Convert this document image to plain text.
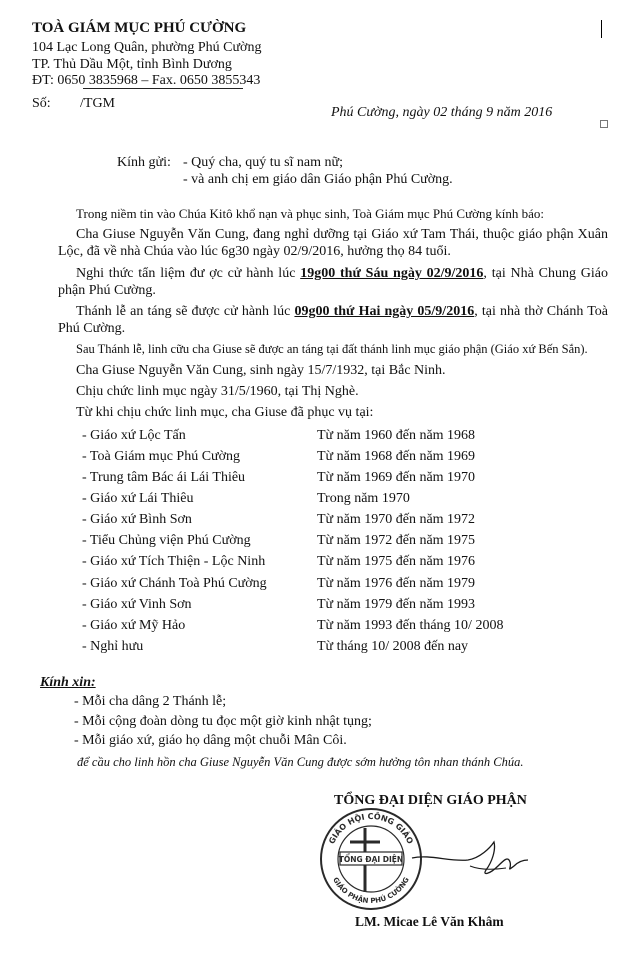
TOÀ GIÁM MỤC PHÚ CƯỜNG
104 Lạc Long Quân, phường Phú Cường
TP. Thủ Dầu Một, tỉnh Bình Dương
ĐT: 0650 3835968 – Fax. 0650 3855343
Số: /TGM
Phú Cường, ngày 02 tháng 9 năm 2016
Kính gửi: - Quý cha, quý tu sĩ nam nữ;
- và anh chị em giáo dân Giáo phận Phú Cường.
Trong niềm tin vào Chúa Kitô khổ nạn và phục sinh, Toà Giám mục Phú Cường kính báo:
Cha Giuse Nguyễn Văn Cung, đang nghỉ dưỡng tại Giáo xứ Tam Thái, thuộc giáo phận Xuân Lộc, đã về nhà Chúa vào lúc 6g30 ngày 02/9/2016, hưởng thọ 84 tuổi.
Nghi thức tẩn liệm đư ợc cử hành lúc 19g00 thứ Sáu ngày 02/9/2016, tại Nhà Chung Giáo phận Phú Cường.
Thánh lễ an táng sẽ được cử hành lúc 09g00 thứ Hai ngày 05/9/2016, tại nhà thờ Chánh Toà Phú Cường.
Sau Thánh lễ, linh cữu cha Giuse sẽ được an táng tại đất thánh linh mục giáo phận (Giáo xứ Bến Sắn).
Cha Giuse Nguyễn Văn Cung, sinh ngày 15/7/1932, tại Bắc Ninh.
Chịu chức linh mục ngày 31/5/1960, tại Thị Nghè.
Từ khi chịu chức linh mục, cha Giuse đã phục vụ tại:
- Giáo xứ Lộc Tấn	Từ năm 1960 đến năm 1968
- Toà Giám mục Phú Cường	Từ năm 1968 đến năm 1969
- Trung tâm Bác ái Lái Thiêu	Từ năm 1969 đến năm 1970
- Giáo xứ Lái Thiêu	Trong năm 1970
- Giáo xứ Bình Sơn	Từ năm 1970 đến năm 1972
- Tiểu Chủng viện Phú Cường	Từ năm 1972 đến năm 1975
- Giáo xứ Tích Thiện - Lộc Ninh	Từ năm 1975 đến năm 1976
- Giáo xứ Chánh Toà Phú Cường	Từ năm 1976 đến năm 1979
- Giáo xứ Vinh Sơn	Từ năm 1979 đến năm 1993
- Giáo xứ Mỹ Hảo	Từ năm 1993 đến tháng 10/ 2008
- Nghỉ hưu	Từ tháng 10/ 2008 đến nay
Kính xin:
- Mỗi cha dâng 2 Thánh lễ;
- Mỗi cộng đoàn dòng tu đọc một giờ kinh nhật tụng;
- Mỗi giáo xứ, giáo họ dâng một chuỗi Mân Côi.
để cầu cho linh hồn cha Giuse Nguyễn Văn Cung được sớm hưởng tôn nhan thánh Chúa.
TỔNG ĐẠI DIỆN GIÁO PHẬN
GIÁO HỘI CÔNG GIÁO
GIÁO PHẬN PHÚ CƯỜNG
TỔNG ĐẠI DIỆN
LM. Micae Lê Văn Khâm
